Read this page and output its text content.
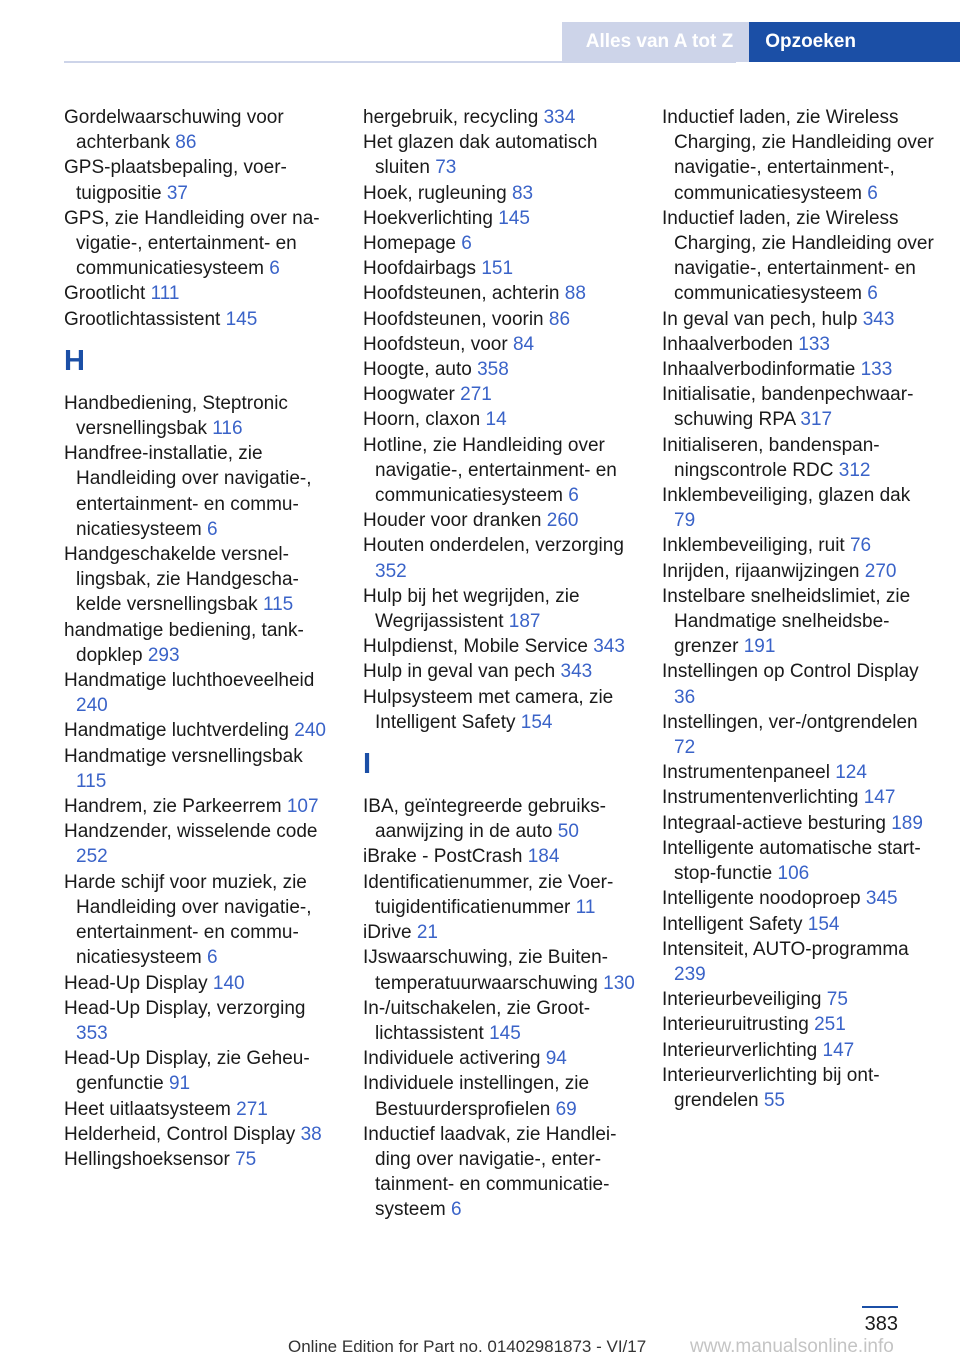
Alles van A tot Z	Opzoeken
Gordelwaarschuwing voor achterbank 86
GPS-plaatsbepaling, voertuigpositie 37
GPS, zie Handleiding over navigatie-, entertainment- en communicatiesysteem 6
Grootlicht 111
Grootlichtassistent 145
H
Handbediening, Steptronic versnellingsbak 116
Handfree-installatie, zie Handleiding over navigatie-, entertainment- en communicatiesysteem 6
Handgeschakelde versnellingsbak, zie Handgeschakelde versnellingsbak 115
handmatige bediening, tankdopklep 293
Handmatige luchthoeveelheid 240
Handmatige luchtverdeling 240
Handmatige versnellingsbak 115
Handrem, zie Parkeerrem 107
Handzender, wisselende code 252
Harde schijf voor muziek, zie Handleiding over navigatie-, entertainment- en communicatiesysteem 6
Head-Up Display 140
Head-Up Display, verzorging 353
Head-Up Display, zie Geheugenfunctie 91
Heet uitlaatsysteem 271
Helderheid, Control Display 38
Hellingshoeksensor 75
hergebruik, recycling 334
Het glazen dak automatisch sluiten 73
Hoek, rugleuning 83
Hoekverlichting 145
Homepage 6
Hoofdairbags 151
Hoofdsteunen, achterin 88
Hoofdsteunen, voorin 86
Hoofdsteun, voor 84
Hoogte, auto 358
Hoogwater 271
Hoorn, claxon 14
Hotline, zie Handleiding over navigatie-, entertainment- en communicatiesysteem 6
Houder voor dranken 260
Houten onderdelen, verzorging 352
Hulp bij het wegrijden, zie Wegrijassistent 187
Hulpdienst, Mobile Service 343
Hulp in geval van pech 343
Hulpsysteem met camera, zie Intelligent Safety 154
I
IBA, geïntegreerde gebruiksaanwijzing in de auto 50
iBrake - PostCrash 184
Identificatienummer, zie Voertuigidentificatienummer 11
iDrive 21
IJswaarschuwing, zie Buitentemperatuurwaarschuwing 130
In-/uitschakelen, zie Grootlichtassistent 145
Individuele activering 94
Individuele instellingen, zie Bestuurdersprofielen 69
Inductief laadvak, zie Handleiding over navigatie-, entertainment- en communicatiesysteem 6
Inductief laden, zie Wireless Charging, zie Handleiding over navigatie-, entertainment-, communicatiesysteem 6
Inductief laden, zie Wireless Charging, zie Handleiding over navigatie-, entertainment- en communicatiesysteem 6
In geval van pech, hulp 343
Inhaalverboden 133
Inhaalverbodinformatie 133
Initialisatie, bandenpechwaarschuwing RPA 317
Initialiseren, bandenspanningscontrole RDC 312
Inklembeveiliging, glazen dak 79
Inklembeveiliging, ruit 76
Inrijden, rijaanwijzingen 270
Instelbare snelheidslimiet, zie Handmatige snelheidsbegrenzer 191
Instellingen op Control Display 36
Instellingen, ver-/ontgrendelen 72
Instrumentenpaneel 124
Instrumentenverlichting 147
Integraal-actieve besturing 189
Intelligente automatische start-stop-functie 106
Intelligente noodoproep 345
Intelligent Safety 154
Intensiteit, AUTO-programma 239
Interieurbeveiliging 75
Interieuruitrusting 251
Interieurverlichting 147
Interieurverlichting bij ontgrendelen 55
383
Online Edition for Part no. 01402981873 - VI/17 www.manualsonline.info
